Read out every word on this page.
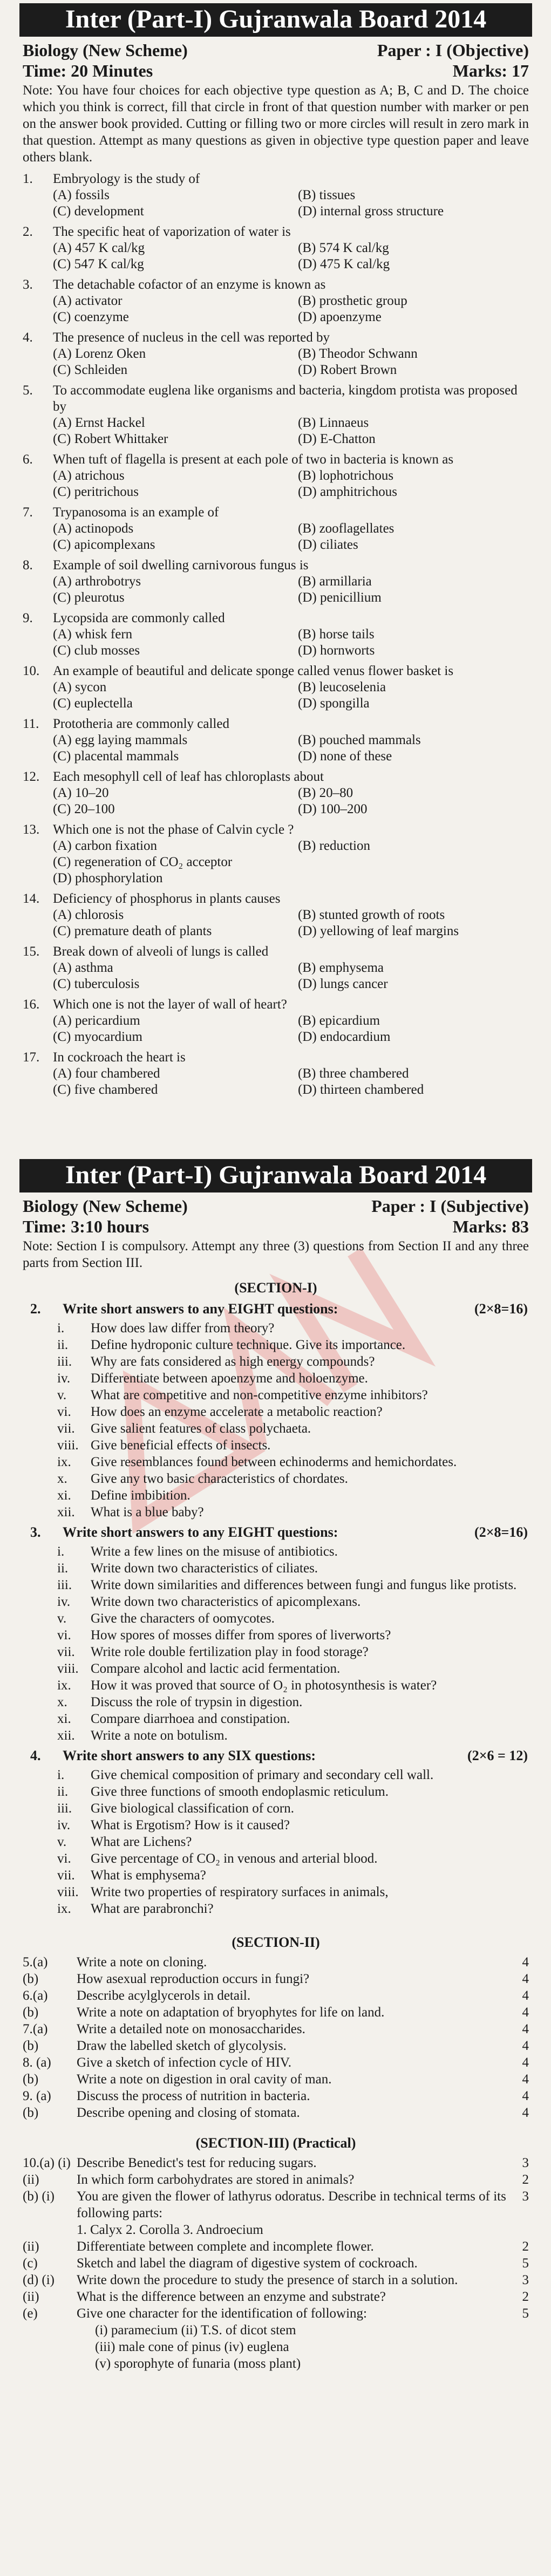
Inter (Part-I) Gujranwala Board 2014
Biology (New Scheme)	Paper : I (Objective)
Time: 20 Minutes	Marks: 17
Note: You have four choices for each objective type question as A; B, C and D. The choice which you think is correct, fill that circle in front of that question number with marker or pen on the answer book provided. Cutting or filling two or more circles will result in zero mark in that question. Attempt as many questions as given in objective type question paper and leave others blank.
1.	Embryology is the study of
(A) fossils	(B) tissues
(C) development	(D) internal gross structure
2.	The specific heat of vaporization of water is
(A) 457 K cal/kg	(B) 574 K cal/kg
(C) 547 K cal/kg	(D) 475 K cal/kg
3.	The detachable cofactor of an enzyme is known as
(A) activator	(B) prosthetic group
(C) coenzyme	(D) apoenzyme
4.	The presence of nucleus in the cell was reported by
(A) Lorenz Oken	(B) Theodor Schwann
(C) Schleiden	(D) Robert Brown
5.	To accommodate euglena like organisms and bacteria, kingdom protista was proposed by
(A) Ernst Hackel	(B) Linnaeus
(C) Robert Whittaker	(D) E-Chatton
6.	When tuft of flagella is present at each pole of two in bacteria is known as
(A) atrichous	(B) lophotrichous
(C) peritrichous	(D) amphitrichous
7.	Trypanosoma is an example of
(A) actinopods	(B) zooflagellates
(C) apicomplexans	(D) ciliates
8.	Example of soil dwelling carnivorous fungus is
(A) arthrobotrys	(B) armillaria
(C) pleurotus	(D) penicillium
9.	Lycopsida are commonly called
(A) whisk fern	(B) horse tails
(C) club mosses	(D) hornworts
10. An example of beautiful and delicate sponge called venus flower basket is
(A) sycon	(B) leucoselenia
(C) euplectella	(D) spongilla
11.	Prototheria are commonly called
(A) egg laying mammals	(B) pouched mammals
(C) placental mammals	(D) none of these
12. Each mesophyll cell of leaf has chloroplasts about
(A) 10–20	(B) 20–80
(C) 20–100	(D) 100–200
13. Which one is not the phase of Calvin cycle ?
(A) carbon fixation	(B) reduction
(C) regeneration of CO₂ acceptor
(D) phosphorylation
14. Deficiency of phosphorus in plants causes
(A) chlorosis	(B) stunted growth of roots
(C) premature death of plants	(D) yellowing of leaf margins
15. Break down of alveoli of lungs is called
(A) asthma	(B) emphysema
(C) tuberculosis	(D) lungs cancer
16. Which one is not the layer of wall of heart?
(A) pericardium	(B) epicardium
(C) myocardium	(D) endocardium
17. In cockroach the heart is
(A) four chambered	(B) three chambered
(C) five chambered	(D) thirteen chambered
Inter (Part-I) Gujranwala Board 2014
Biology (New Scheme)	Paper : I (Subjective)
Time: 3:10 hours	Marks: 83
Note: Section I is compulsory. Attempt any three (3) questions from Section II and any three parts from Section III.
(SECTION-I)
2.	Write short answers to any EIGHT questions:	(2×8=16)
i.	How does law differ from theory?
ii.	Define hydroponic culture technique. Give its importance.
iii.	Why are fats considered as high energy compounds?
iv.	Differentiate between apoenzyme and holoenzyme.
v.	What are competitive and non-competitive enzyme inhibitors?
vi.	How does an enzyme accelerate a metabolic reaction?
vii.	Give salient features of class polychaeta.
viii. Give beneficial effects of insects.
ix.	Give resemblances found between echinoderms and hemichordates.
x.	Give any two basic characteristics of chordates.
xi.	Define imbibition.
xii.	What is a blue baby?
3.	Write short answers to any EIGHT questions:	(2×8=16)
i.	Write a few lines on the misuse of antibiotics.
ii.	Write down two characteristics of ciliates.
iii.	Write down similarities and differences between fungi and fungus like protists.
iv.	Write down two characteristics of apicomplexans.
v.	Give the characters of oomycotes.
vi.	How spores of mosses differ from spores of liverworts?
vii.	Write role double fertilization play in food storage?
viii. Compare alcohol and lactic acid fermentation.
ix.	How it was proved that source of O₂ in photosynthesis is water?
x.	Discuss the role of trypsin in digestion.
xi.	Compare diarrhoea and constipation.
xii.	Write a note on botulism.
4.	Write short answers to any SIX questions:	(2×6 = 12)
i.	Give chemical composition of primary and secondary cell wall.
ii.	Give three functions of smooth endoplasmic reticulum.
iii.	Give biological classification of corn.
iv.	What is Ergotism? How is it caused?
v.	What are Lichens?
vi.	Give percentage of CO₂ in venous and arterial blood.
vii.	What is emphysema?
viii. Write two properties of respiratory surfaces in animals,
ix.	What are parabronchi?
(SECTION-II)
5.(a)	Write a note on cloning.	4
(b)	How asexual reproduction occurs in fungi?	4
6.(a)	Describe acylglycerols in detail.	4
(b)	Write a note on adaptation of bryophytes for life on land.	4
7.(a)	Write a detailed note on monosaccharides.	4
(b)	Draw the labelled sketch of glycolysis.	4
8. (a)	Give a sketch of infection cycle of HIV.	4
(b)	Write a note on digestion in oral cavity of man.	4
9. (a)	Discuss the process of nutrition in bacteria.	4
(b)	Describe opening and closing of stomata.	4
(SECTION-III) (Practical)
10.(a) (i) Describe Benedict's test for reducing sugars.	3
(ii)	In which form carbohydrates are stored in animals?	2
(b) (i)	You are given the flower of lathyrus odoratus. Describe in technical terms of its following parts:
3
1. Calyx 2. Corolla 3. Androecium
(ii)	Differentiate between complete and incomplete flower.	2
(c)	Sketch and label the diagram of digestive system of cockroach.	5
(d) (i)	Write down the procedure to study the presence of starch in a solution.	3
(ii)	What is the difference between an enzyme and substrate?	2
(e)	Give one character for the identification of following:	5
(i) paramecium (ii) T.S. of dicot stem
(iii) male cone of pinus (iv) euglena
(v) sporophyte of funaria (moss plant)
